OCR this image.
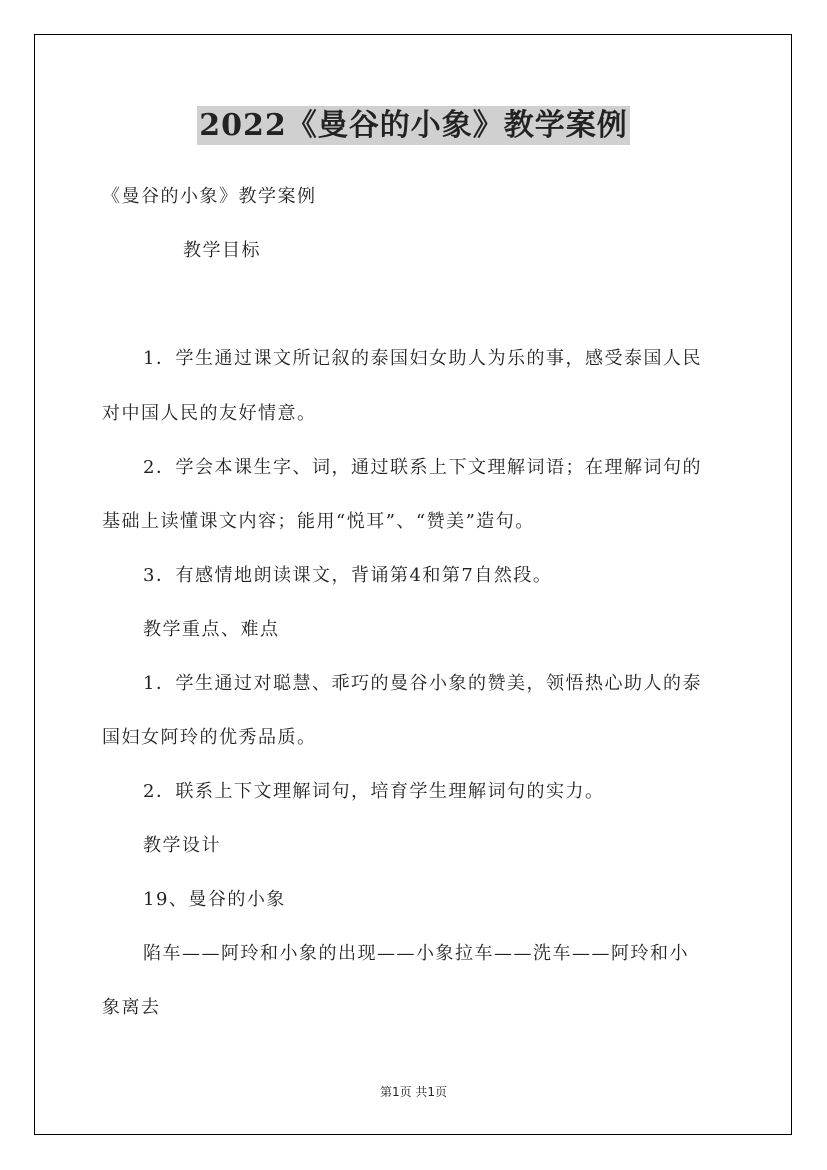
2022《曼谷的小象》教学案例
《曼谷的小象》教学案例
教学目标
1．学生通过课文所记叙的泰国妇女助人为乐的事，感受泰国人民
对中国人民的友好情意。
2．学会本课生字、词，通过联系上下文理解词语；在理解词句的
基础上读懂课文内容；能用“悦耳”、“赞美”造句。
3．有感情地朗读课文，背诵第4和第7自然段。
教学重点、难点
1．学生通过对聪慧、乖巧的曼谷小象的赞美，领悟热心助人的泰
国妇女阿玲的优秀品质。
2．联系上下文理解词句，培育学生理解词句的实力。
教学设计
19、曼谷的小象
陷车——阿玲和小象的出现——小象拉车——洗车——阿玲和小
象离去
第1页 共1页
